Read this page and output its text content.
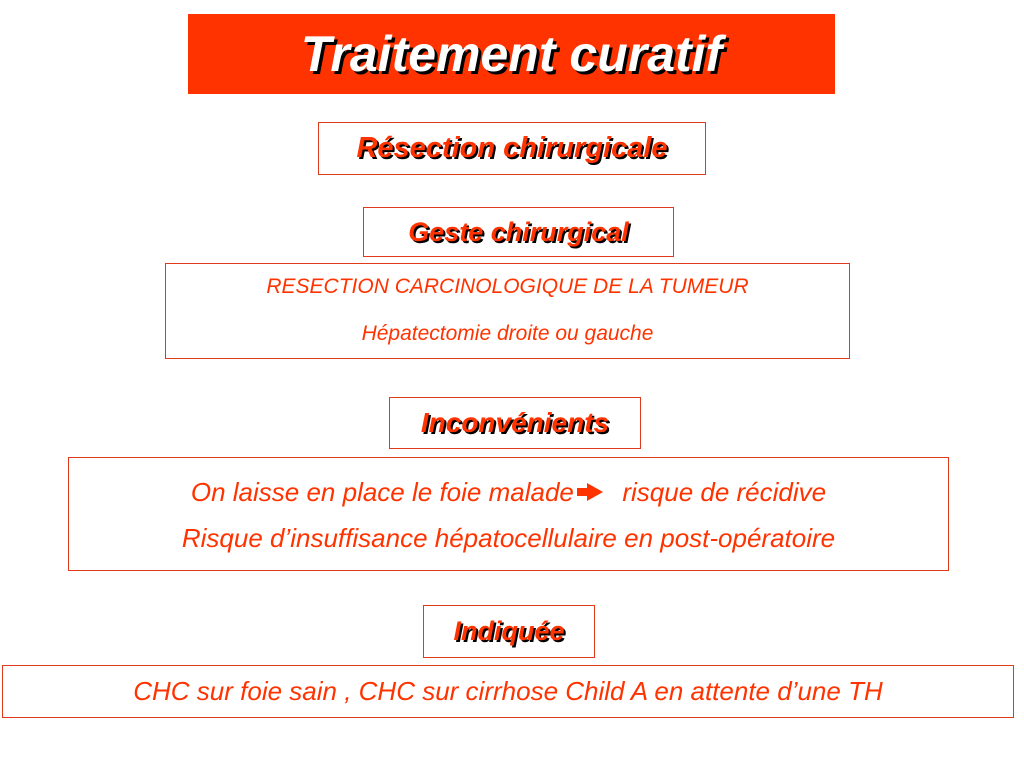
Traitement curatif
Résection chirurgicale
Geste chirurgical
RESECTION CARCINOLOGIQUE DE LA TUMEUR
Hépatectomie droite ou gauche
Inconvénients
On laisse en place le foie malade risque de récidive
Risque d’insuffisance hépatocellulaire en post-opératoire
Indiquée
CHC sur foie sain , CHC sur cirrhose Child A en attente d’une TH
